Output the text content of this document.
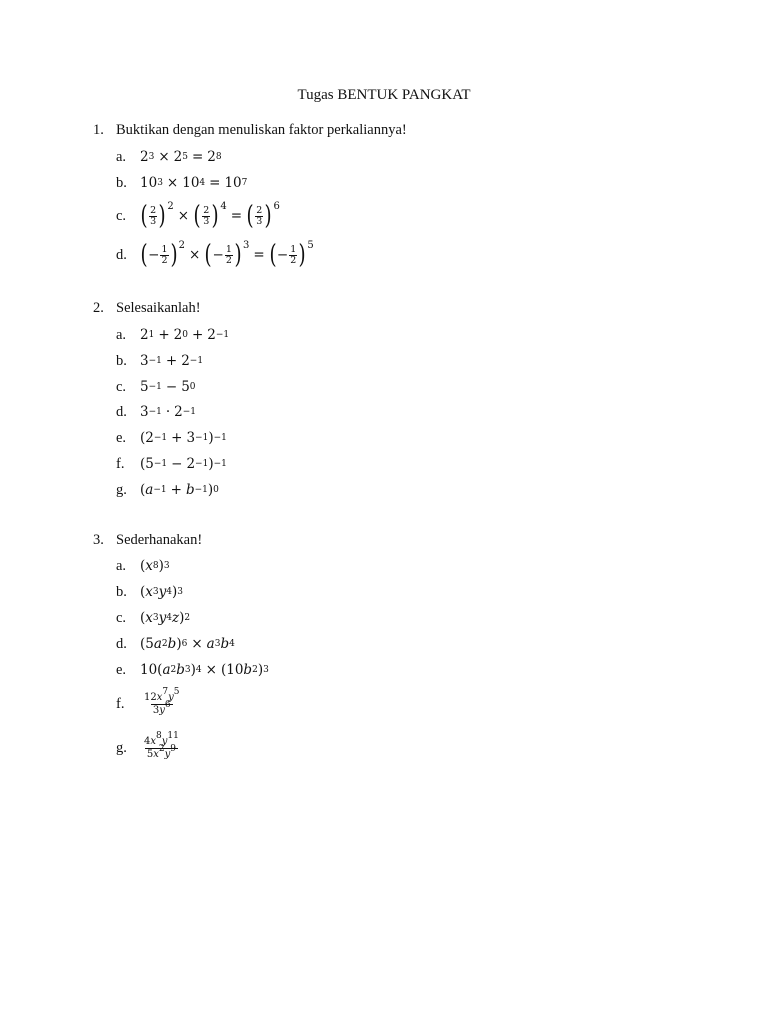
Tugas BENTUK PANGKAT
1. Buktikan dengan menuliskan faktor perkaliannya!
a.	2 3 × 2 5 = 2 8
b. 10 3 × 10 4 = 10 7
c. ( $\frac{2}{3}$ ) 2
× ( $\frac{2}{3}$ ) 4
= ( $\frac{2}{3}$ ) 6
d. ( − $\frac{1}{2}$ ) 2
× ( − $\frac{1}{2}$ ) 3
= ( − $\frac{1}{2}$ ) 5
2. Selesaikanlah!
a.	2 1 + 2 0 + 2 −1
b. 3 −1 + 2 −1
c.	5 −1 − 5 0
d. 3 −1 · 2 −1
e.	(2 −1 + 3 −1 ) −1
f.	(5 −1 − 2 −1 ) −1
g. ( a −1 + b −1 ) 0
3. Sederhanakan!
a.	( x 8 ) 3
b. ( x 3 y 4 ) 3
c.	( x 3 y 4 z ) 2
d. (5 a 2 b ) 6 × a 3 b 4
e.	10( a 2 b 3 ) 4 × (10 b 2 ) 3
f.	$12x^7y^5$
$3y^6$
g.	$4x^8y^{11}$
$5x^2y^9$
